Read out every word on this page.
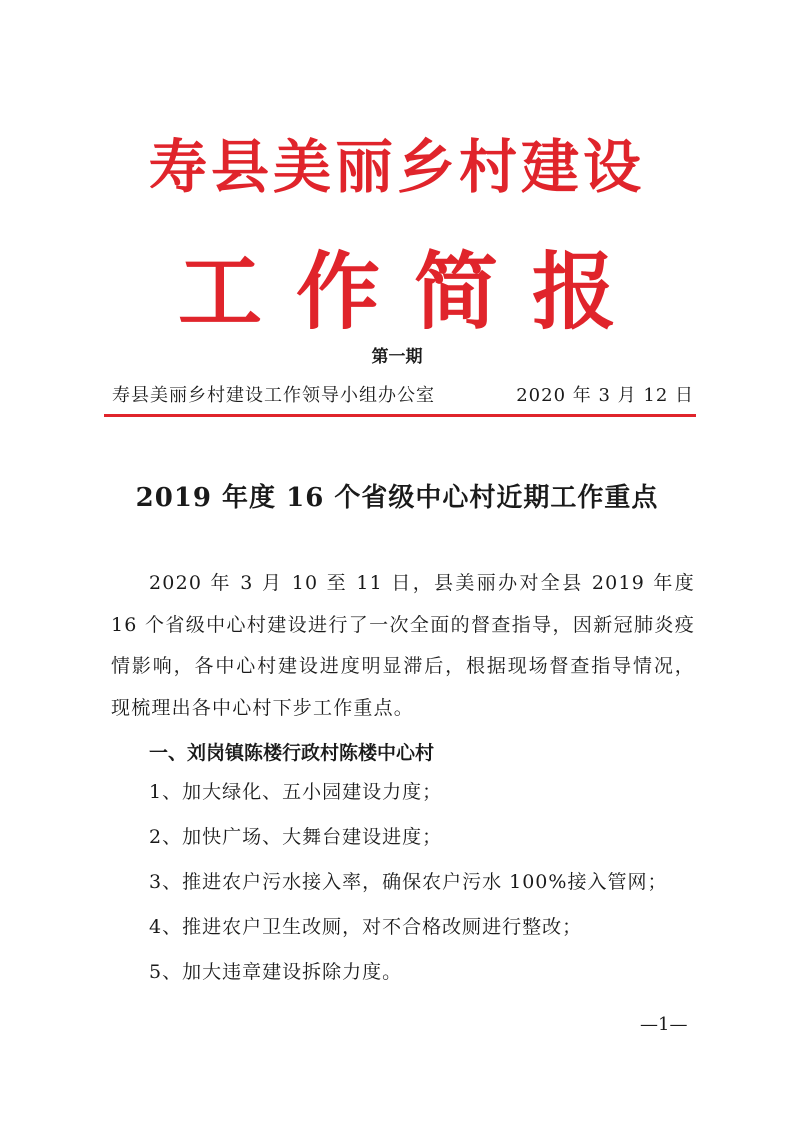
寿县美丽乡村建设
工作简报
第一期
寿县美丽乡村建设工作领导小组办公室	2020 年 3 月 12 日
2019 年度 16 个省级中心村近期工作重点

2020 年 3 月 10 至 11 日，县美丽办对全县 2019 年度 16 个省级中心村建设进行了一次全面的督查指导，因新冠肺炎疫情影响，各中心村建设进度明显滞后，根据现场督查指导情况，现梳理出各中心村下步工作重点。

一、刘岗镇陈楼行政村陈楼中心村
1、加大绿化、五小园建设力度；
2、加快广场、大舞台建设进度；
3、推进农户污水接入率，确保农户污水 100%接入管网；
4、推进农户卫生改厕，对不合格改厕进行整改；
5、加大违章建设拆除力度。
—1—
